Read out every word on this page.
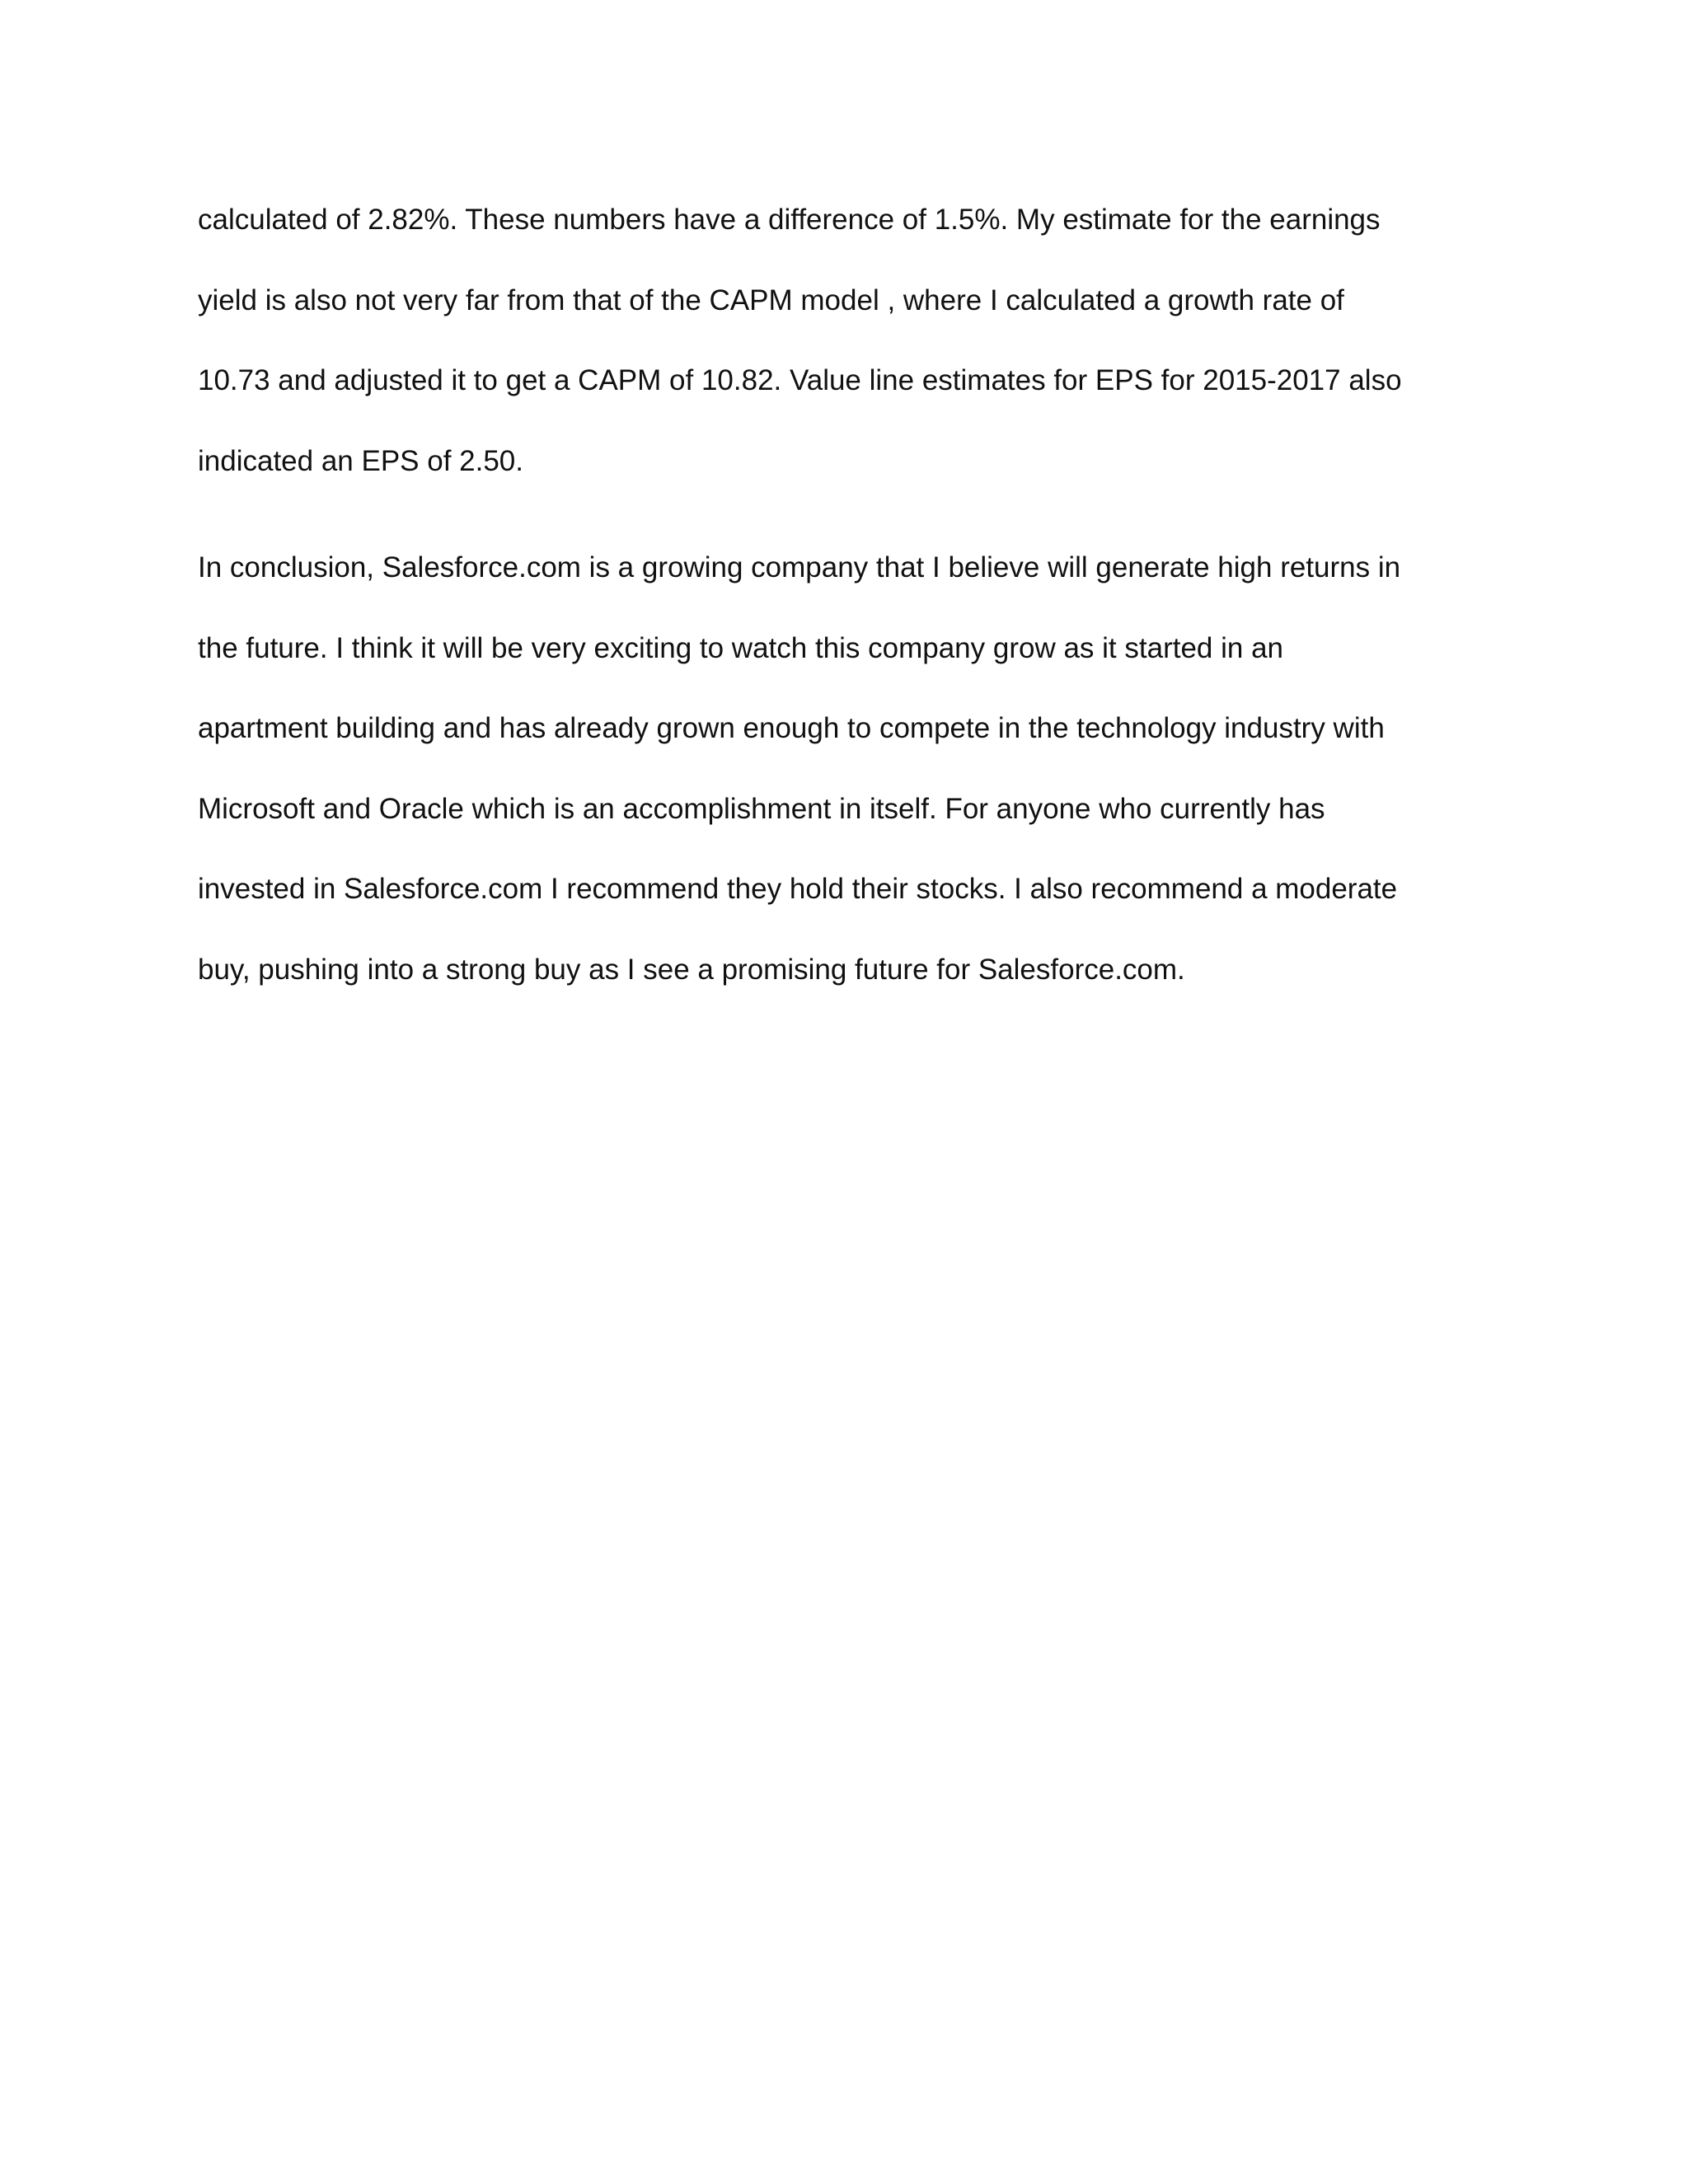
calculated of 2.82%. These numbers have a difference of 1.5%. My estimate for the earnings
yield is also not very far from that of the CAPM model , where I calculated a growth rate of
10.73 and adjusted it to get a CAPM of 10.82. Value line estimates for EPS for 2015-2017 also
indicated an EPS of 2.50.
In conclusion, Salesforce.com is a growing company that I believe will generate high returns in
the future. I think it will be very exciting to watch this company grow as it started in an
apartment building and has already grown enough to compete in the technology industry with
Microsoft and Oracle which is an accomplishment in itself. For anyone who currently has
invested in Salesforce.com I recommend they hold their stocks. I also recommend a moderate
buy, pushing into a strong buy as I see a promising future for Salesforce.com.
